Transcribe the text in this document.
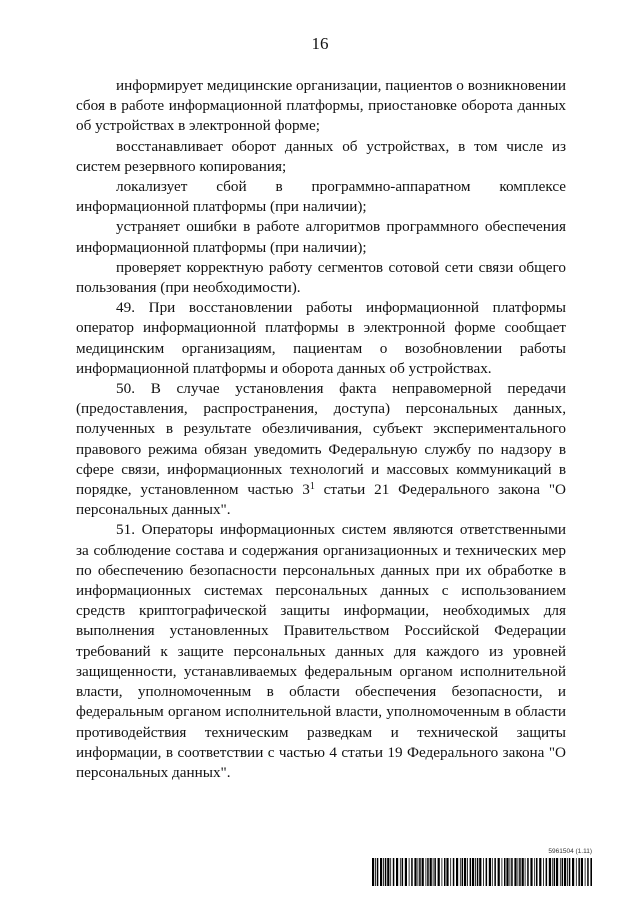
16

информирует медицинские организации, пациентов о возникновении сбоя в работе информационной платформы, приостановке оборота данных об устройствах в электронной форме;

восстанавливает оборот данных об устройствах, в том числе из систем резервного копирования;

локализует сбой в программно-аппаратном комплексе информационной платформы (при наличии);

устраняет ошибки в работе алгоритмов программного обеспечения информационной платформы (при наличии);

проверяет корректную работу сегментов сотовой сети связи общего пользования (при необходимости).

49. При восстановлении работы информационной платформы оператор информационной платформы в электронной форме сообщает медицинским организациям, пациентам о возобновлении работы информационной платформы и оборота данных об устройствах.

50. В случае установления факта неправомерной передачи (предоставления, распространения, доступа) персональных данных, полученных в результате обезличивания, субъект экспериментального правового режима обязан уведомить Федеральную службу по надзору в сфере связи, информационных технологий и массовых коммуникаций в порядке, установленном частью $3^1$ статьи 21 Федерального закона "О персональных данных".

51. Операторы информационных систем являются ответственными за соблюдение состава и содержания организационных и технических мер по обеспечению безопасности персональных данных при их обработке в информационных системах персональных данных с использованием средств криптографической защиты информации, необходимых для выполнения установленных Правительством Российской Федерации требований к защите персональных данных для каждого из уровней защищенности, устанавливаемых федеральным органом исполнительной власти, уполномоченным в области обеспечения безопасности, и федеральным органом исполнительной власти, уполномоченным в области противодействия техническим разведкам и технической защиты информации, в соответствии с частью 4 статьи 19 Федерального закона "О персональных данных".

5961504 (1.11)
